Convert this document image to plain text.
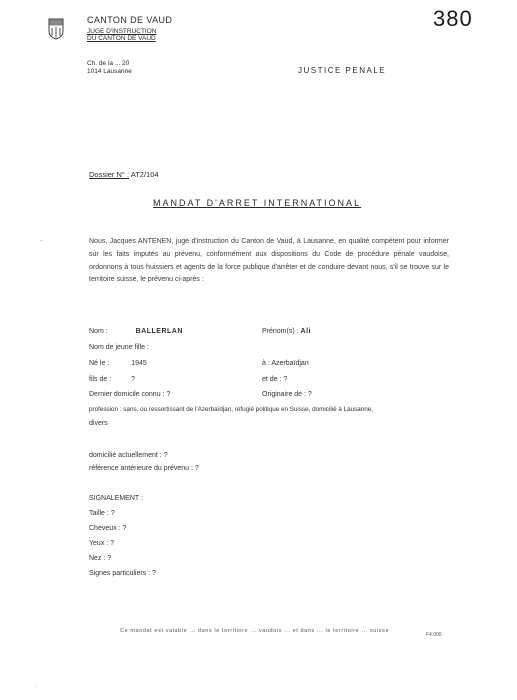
CANTON DE VAUD
JUGE D'INSTRUCTION
DU CANTON DE VAUD
Ch. de la ... 20
1014 Lausanne
380
JUSTICE PENALE
Dossier N° : AT2/104
MANDAT D'ARRET INTERNATIONAL
·	Nous, Jacques ANTENEN, juge d'instruction du Canton de Vaud, à Lausanne, en qualité compétent pour informer sur les faits imputés au prévenu, conformément aux dispositions du Code de procédure pénale vaudoise, ordonnons à tous huissiers et agents de la force publique d'arrêter et de conduire devant nous, s'il se trouve sur le territoire suisse, le prévenu ci-après :
Nom :	BALLERLAN	Prénom(s) : Ali
Nom de jeune fille :
Né le :	1945	à : Azerbaïdjan
fils de :	?	et de : ?
Dernier domicile connu : ?	Originaire de : ?
profession : sans, ou ressortissant de l'Azerbaïdjan, réfugié politique en Suisse, domicilié à Lausanne,
divers
domicilié actuellement : ?
référence antérieure du prévenu : ?
SIGNALEMENT :
Taille : ?
Cheveux : ?
Yeux : ?
Nez : ?
Signes particuliers : ?
Ce mandat est valable ... dans le territoire ... vaudois ... et dans ... le territoire ... suisse
F4.000
·
